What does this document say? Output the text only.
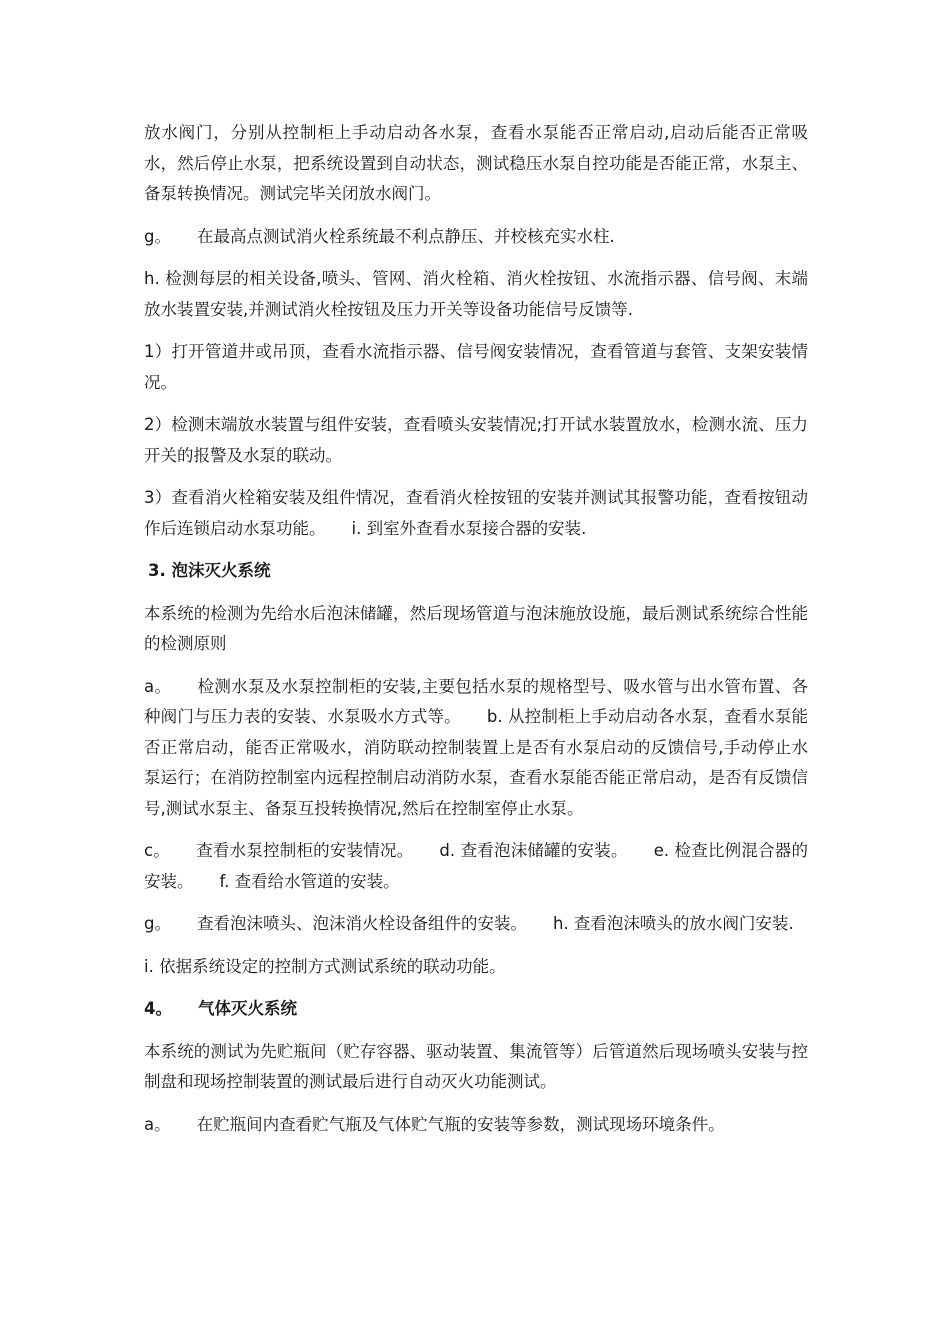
放水阀门，分别从控制柜上手动启动各水泵，查看水泵能否正常启动,启动后能否正常吸水，然后停止水泵，把系统设置到自动状态，测试稳压水泵自控功能是否能正常，水泵主、备泵转换情况。测试完毕关闭放水阀门。

g。 在最高点测试消火栓系统最不利点静压、并校核充实水柱.

h. 检测每层的相关设备,喷头、管网、消火栓箱、消火栓按钮、水流指示器、信号阀、末端放水装置安装,并测试消火栓按钮及压力开关等设备功能信号反馈等.

1）打开管道井或吊顶，查看水流指示器、信号阀安装情况，查看管道与套管、支架安装情况。

2）检测末端放水装置与组件安装，查看喷头安装情况;打开试水装置放水，检测水流、压力开关的报警及水泵的联动。

3）查看消火栓箱安装及组件情况，查看消火栓按钮的安装并测试其报警功能，查看按钮动作后连锁启动水泵功能。 i. 到室外查看水泵接合器的安装.

3. 泡沫灭火系统

本系统的检测为先给水后泡沫储罐，然后现场管道与泡沫施放设施，最后测试系统综合性能的检测原则

a。 检测水泵及水泵控制柜的安装,主要包括水泵的规格型号、吸水管与出水管布置、各种阀门与压力表的安装、水泵吸水方式等。 b. 从控制柜上手动启动各水泵，查看水泵能否正常启动，能否正常吸水，消防联动控制装置上是否有水泵启动的反馈信号,手动停止水泵运行；在消防控制室内远程控制启动消防水泵，查看水泵能否能正常启动，是否有反馈信号,测试水泵主、备泵互投转换情况,然后在控制室停止水泵。

c。 查看水泵控制柜的安装情况。 d. 查看泡沫储罐的安装。 e. 检查比例混合器的安装。 f. 查看给水管道的安装。

g。 查看泡沫喷头、泡沫消火栓设备组件的安装。 h. 查看泡沫喷头的放水阀门安装.

i. 依据系统设定的控制方式测试系统的联动功能。

4。 气体灭火系统

本系统的测试为先贮瓶间（贮存容器、驱动装置、集流管等）后管道然后现场喷头安装与控制盘和现场控制装置的测试最后进行自动灭火功能测试。

a。 在贮瓶间内查看贮气瓶及气体贮气瓶的安装等参数，测试现场环境条件。
